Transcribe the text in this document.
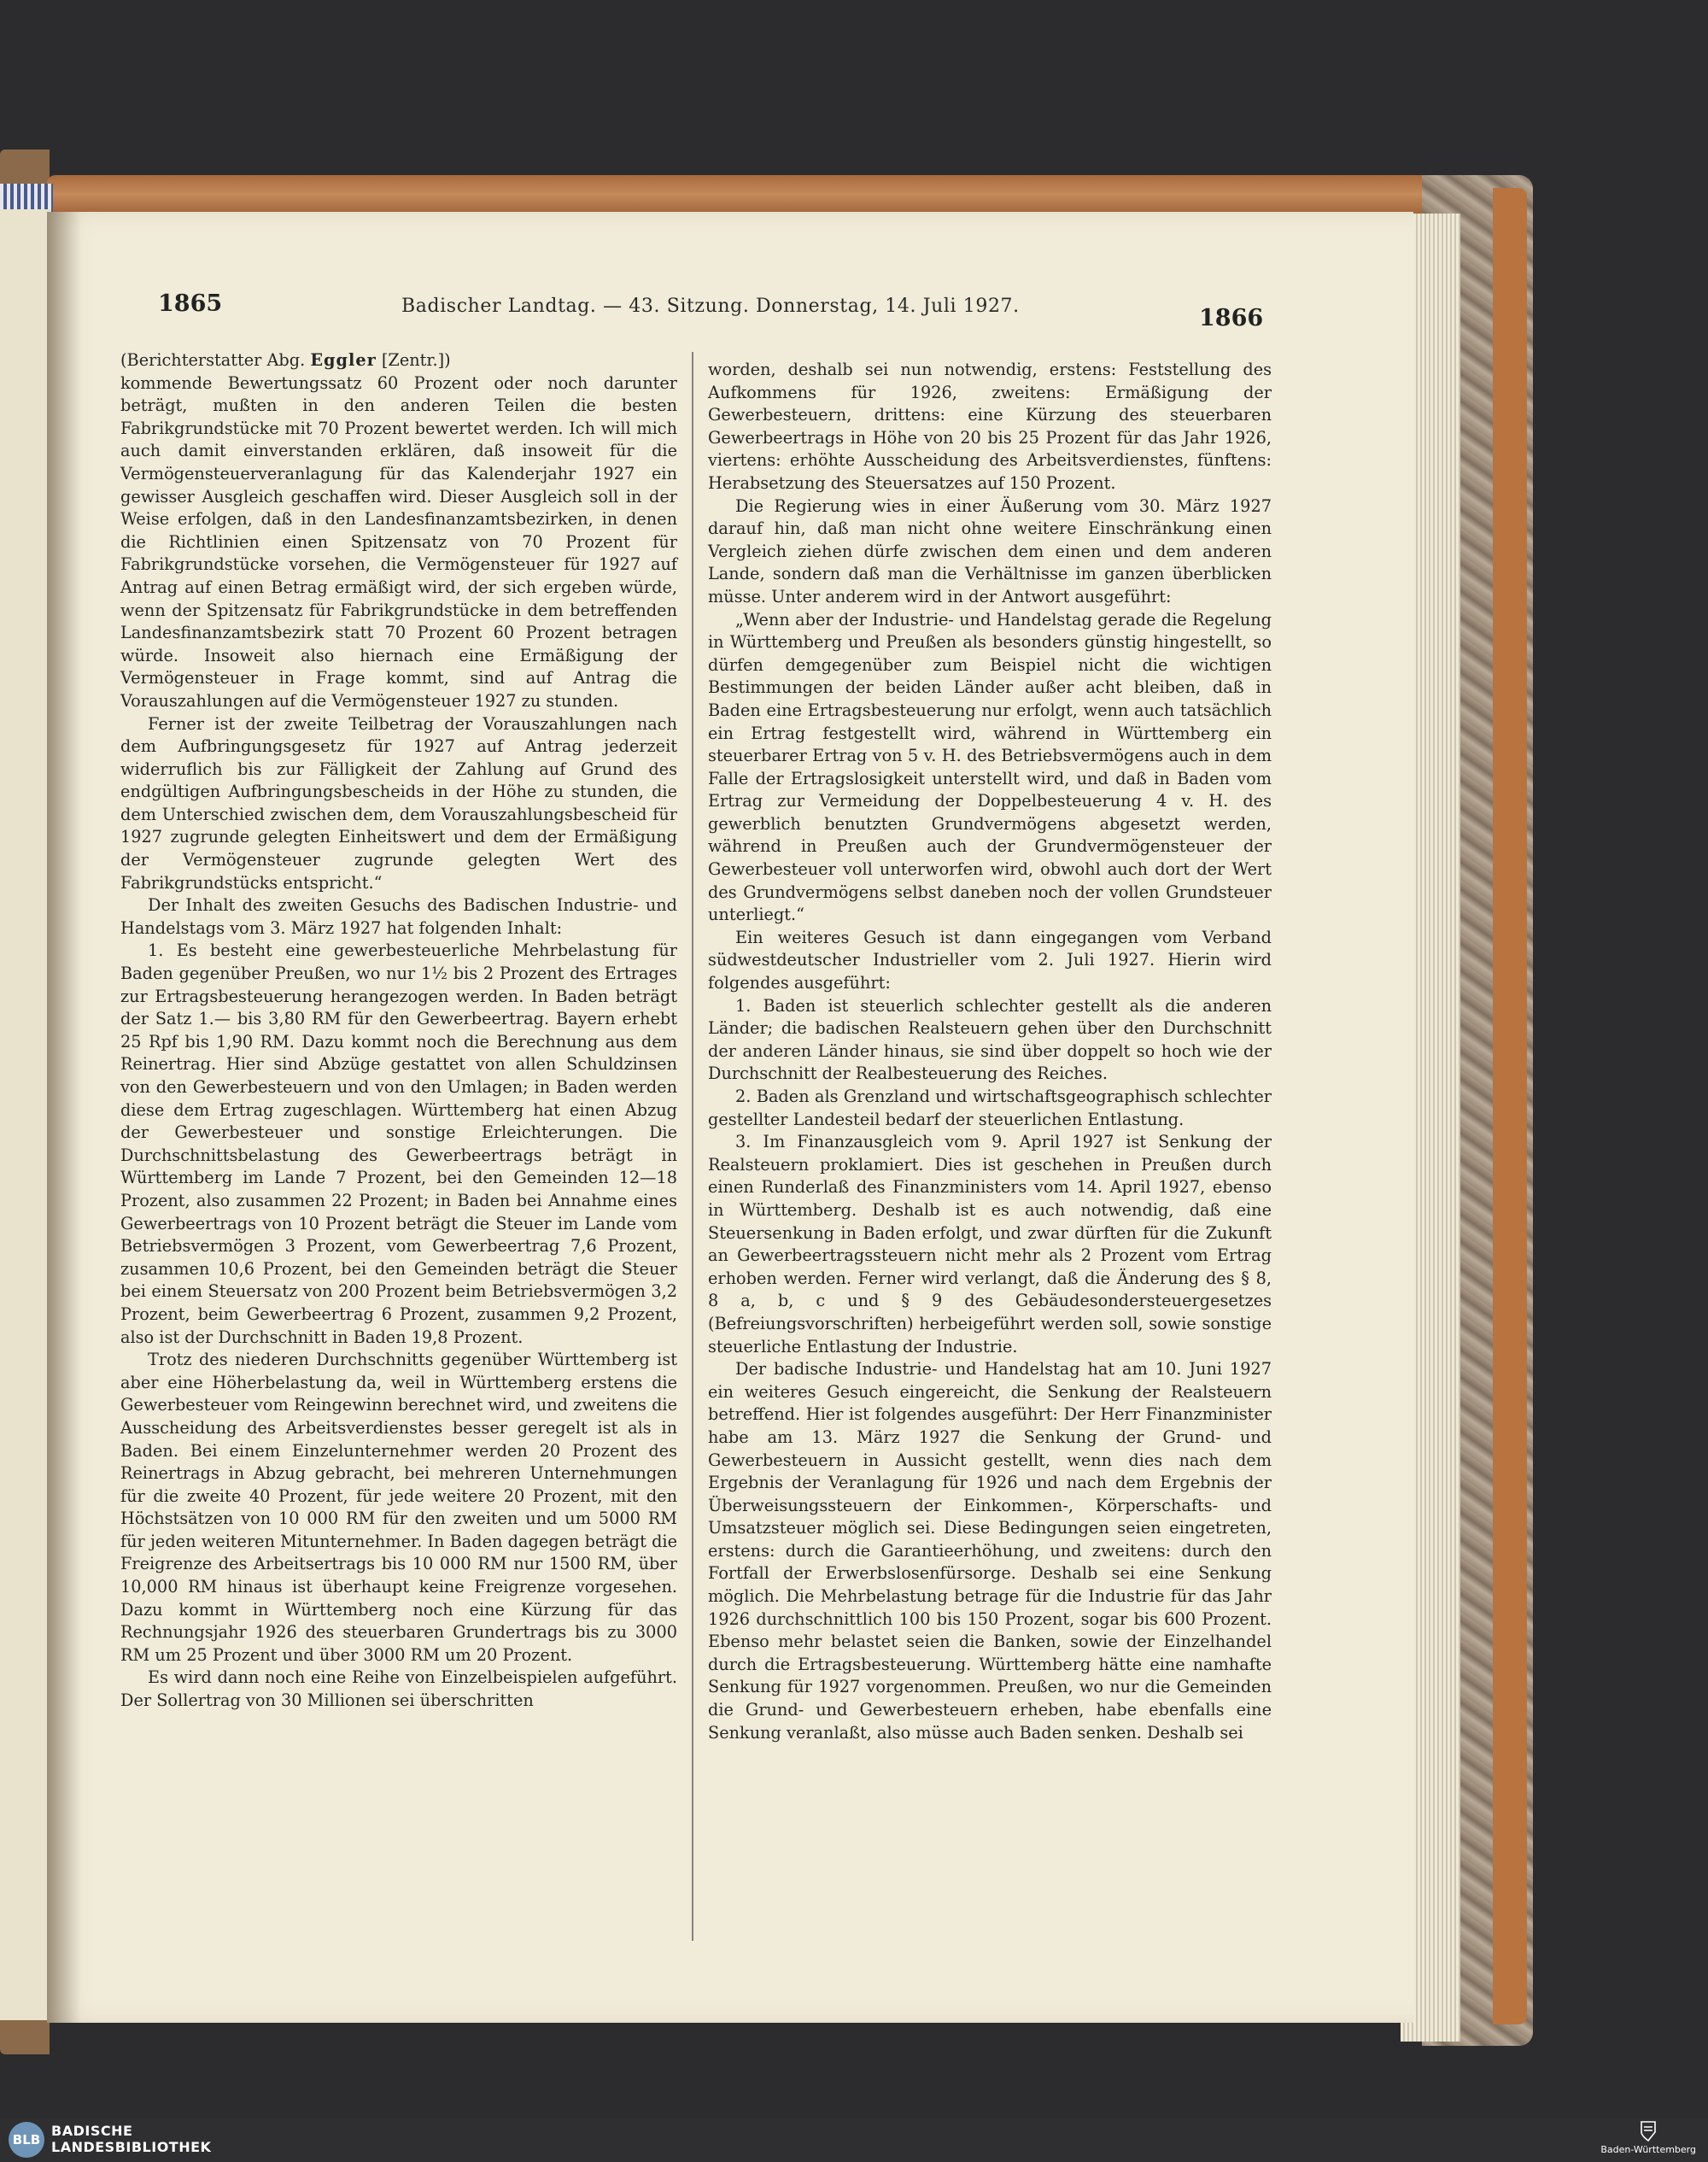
1865	Badischer Landtag. — 43. Sitzung. Donnerstag, 14. Juli 1927.	1866

(Berichterstatter Abg. Eggler [Zentr.])

kommende Bewertungssatz 60 Prozent oder noch darunter beträgt, mußten in den anderen Teilen die besten Fabrikgrundstücke mit 70 Prozent bewertet werden. Ich will mich auch damit einverstanden erklären, daß insoweit für die Vermögensteuerveranlagung für das Kalenderjahr 1927 ein gewisser Ausgleich geschaffen wird. Dieser Ausgleich soll in der Weise erfolgen, daß in den Landesfinanzamtsbezirken, in denen die Richtlinien einen Spitzensatz von 70 Prozent für Fabrikgrundstücke vorsehen, die Vermögensteuer für 1927 auf Antrag auf einen Betrag ermäßigt wird, der sich ergeben würde, wenn der Spitzensatz für Fabrikgrundstücke in dem betreffenden Landesfinanzamtsbezirk statt 70 Prozent 60 Prozent betragen würde. Insoweit also hiernach eine Ermäßigung der Vermögensteuer in Frage kommt, sind auf Antrag die Vorauszahlungen auf die Vermögensteuer 1927 zu stunden.

Ferner ist der zweite Teilbetrag der Vorauszahlungen nach dem Aufbringungsgesetz für 1927 auf Antrag jederzeit widerruflich bis zur Fälligkeit der Zahlung auf Grund des endgültigen Aufbringungsbescheids in der Höhe zu stunden, die dem Unterschied zwischen dem, dem Vorauszahlungsbescheid für 1927 zugrunde gelegten Einheitswert und dem der Ermäßigung der Vermögensteuer zugrunde gelegten Wert des Fabrikgrundstücks entspricht.“

Der Inhalt des zweiten Gesuchs des Badischen Industrie- und Handelstags vom 3. März 1927 hat folgenden Inhalt:

1. Es besteht eine gewerbesteuerliche Mehrbelastung für Baden gegenüber Preußen, wo nur 1½ bis 2 Prozent des Ertrages zur Ertragsbesteuerung herangezogen werden. In Baden beträgt der Satz 1.— bis 3,80 RM für den Gewerbeertrag. Bayern erhebt 25 Rpf bis 1,90 RM. Dazu kommt noch die Berechnung aus dem Reinertrag. Hier sind Abzüge gestattet von allen Schuldzinsen von den Gewerbesteuern und von den Umlagen; in Baden werden diese dem Ertrag zugeschlagen. Württemberg hat einen Abzug der Gewerbesteuer und sonstige Erleichterungen. Die Durchschnittsbelastung des Gewerbeertrags beträgt in Württemberg im Lande 7 Prozent, bei den Gemeinden 12—18 Prozent, also zusammen 22 Prozent; in Baden bei Annahme eines Gewerbeertrags von 10 Prozent beträgt die Steuer im Lande vom Betriebsvermögen 3 Prozent, vom Gewerbeertrag 7,6 Prozent, zusammen 10,6 Prozent, bei den Gemeinden beträgt die Steuer bei einem Steuersatz von 200 Prozent beim Betriebsvermögen 3,2 Prozent, beim Gewerbeertrag 6 Prozent, zusammen 9,2 Prozent, also ist der Durchschnitt in Baden 19,8 Prozent.

Trotz des niederen Durchschnitts gegenüber Württemberg ist aber eine Höherbelastung da, weil in Württemberg erstens die Gewerbesteuer vom Reingewinn berechnet wird, und zweitens die Ausscheidung des Arbeitsverdienstes besser geregelt ist als in Baden. Bei einem Einzelunternehmer werden 20 Prozent des Reinertrags in Abzug gebracht, bei mehreren Unternehmungen für die zweite 40 Prozent, für jede weitere 20 Prozent, mit den Höchstsätzen von 10 000 RM für den zweiten und um 5000 RM für jeden weiteren Mitunternehmer. In Baden dagegen beträgt die Freigrenze des Arbeitsertrags bis 10 000 RM nur 1500 RM, über 10,000 RM hinaus ist überhaupt keine Freigrenze vorgesehen. Dazu kommt in Württemberg noch eine Kürzung für das Rechnungsjahr 1926 des steuerbaren Grundertrags bis zu 3000 RM um 25 Prozent und über 3000 RM um 20 Prozent.

Es wird dann noch eine Reihe von Einzelbeispielen aufgeführt. Der Sollertrag von 30 Millionen sei überschritten

worden, deshalb sei nun notwendig, erstens: Feststellung des Aufkommens für 1926, zweitens: Ermäßigung der Gewerbesteuern, drittens: eine Kürzung des steuerbaren Gewerbeertrags in Höhe von 20 bis 25 Prozent für das Jahr 1926, viertens: erhöhte Ausscheidung des Arbeitsverdienstes, fünftens: Herabsetzung des Steuersatzes auf 150 Prozent.

Die Regierung wies in einer Äußerung vom 30. März 1927 darauf hin, daß man nicht ohne weitere Einschränkung einen Vergleich ziehen dürfe zwischen dem einen und dem anderen Lande, sondern daß man die Verhältnisse im ganzen überblicken müsse. Unter anderem wird in der Antwort ausgeführt:

„Wenn aber der Industrie- und Handelstag gerade die Regelung in Württemberg und Preußen als besonders günstig hingestellt, so dürfen demgegenüber zum Beispiel nicht die wichtigen Bestimmungen der beiden Länder außer acht bleiben, daß in Baden eine Ertragsbesteuerung nur erfolgt, wenn auch tatsächlich ein Ertrag festgestellt wird, während in Württemberg ein steuerbarer Ertrag von 5 v. H. des Betriebsvermögens auch in dem Falle der Ertragslosigkeit unterstellt wird, und daß in Baden vom Ertrag zur Vermeidung der Doppelbesteuerung 4 v. H. des gewerblich benutzten Grundvermögens abgesetzt werden, während in Preußen auch der Grundvermögensteuer der Gewerbesteuer voll unterworfen wird, obwohl auch dort der Wert des Grundvermögens selbst daneben noch der vollen Grundsteuer unterliegt.“

Ein weiteres Gesuch ist dann eingegangen vom Verband südwestdeutscher Industrieller vom 2. Juli 1927. Hierin wird folgendes ausgeführt:

1. Baden ist steuerlich schlechter gestellt als die anderen Länder; die badischen Realsteuern gehen über den Durchschnitt der anderen Länder hinaus, sie sind über doppelt so hoch wie der Durchschnitt der Realbesteuerung des Reiches.

2. Baden als Grenzland und wirtschaftsgeographisch schlechter gestellter Landesteil bedarf der steuerlichen Entlastung.

3. Im Finanzausgleich vom 9. April 1927 ist Senkung der Realsteuern proklamiert. Dies ist geschehen in Preußen durch einen Runderlaß des Finanzministers vom 14. April 1927, ebenso in Württemberg. Deshalb ist es auch notwendig, daß eine Steuersenkung in Baden erfolgt, und zwar dürften für die Zukunft an Gewerbeertragssteuern nicht mehr als 2 Prozent vom Ertrag erhoben werden. Ferner wird verlangt, daß die Änderung des § 8, 8 a, b, c und § 9 des Gebäudesondersteuergesetzes (Befreiungsvorschriften) herbeigeführt werden soll, sowie sonstige steuerliche Entlastung der Industrie.

Der badische Industrie- und Handelstag hat am 10. Juni 1927 ein weiteres Gesuch eingereicht, die Senkung der Realsteuern betreffend. Hier ist folgendes ausgeführt: Der Herr Finanzminister habe am 13. März 1927 die Senkung der Grund- und Gewerbesteuern in Aussicht gestellt, wenn dies nach dem Ergebnis der Veranlagung für 1926 und nach dem Ergebnis der Überweisungssteuern der Einkommen-, Körperschafts- und Umsatzsteuer möglich sei. Diese Bedingungen seien eingetreten, erstens: durch die Garantieerhöhung, und zweitens: durch den Fortfall der Erwerbslosenfürsorge. Deshalb sei eine Senkung möglich. Die Mehrbelastung betrage für die Industrie für das Jahr 1926 durchschnittlich 100 bis 150 Prozent, sogar bis 600 Prozent. Ebenso mehr belastet seien die Banken, sowie der Einzelhandel durch die Ertragsbesteuerung. Württemberg hätte eine namhafte Senkung für 1927 vorgenommen. Preußen, wo nur die Gemeinden die Grund- und Gewerbesteuern erheben, habe ebenfalls eine Senkung veranlaßt, also müsse auch Baden senken. Deshalb sei

BLB
BADISCHE
LANDESBIBLIOTHEK	Baden-Württemberg
